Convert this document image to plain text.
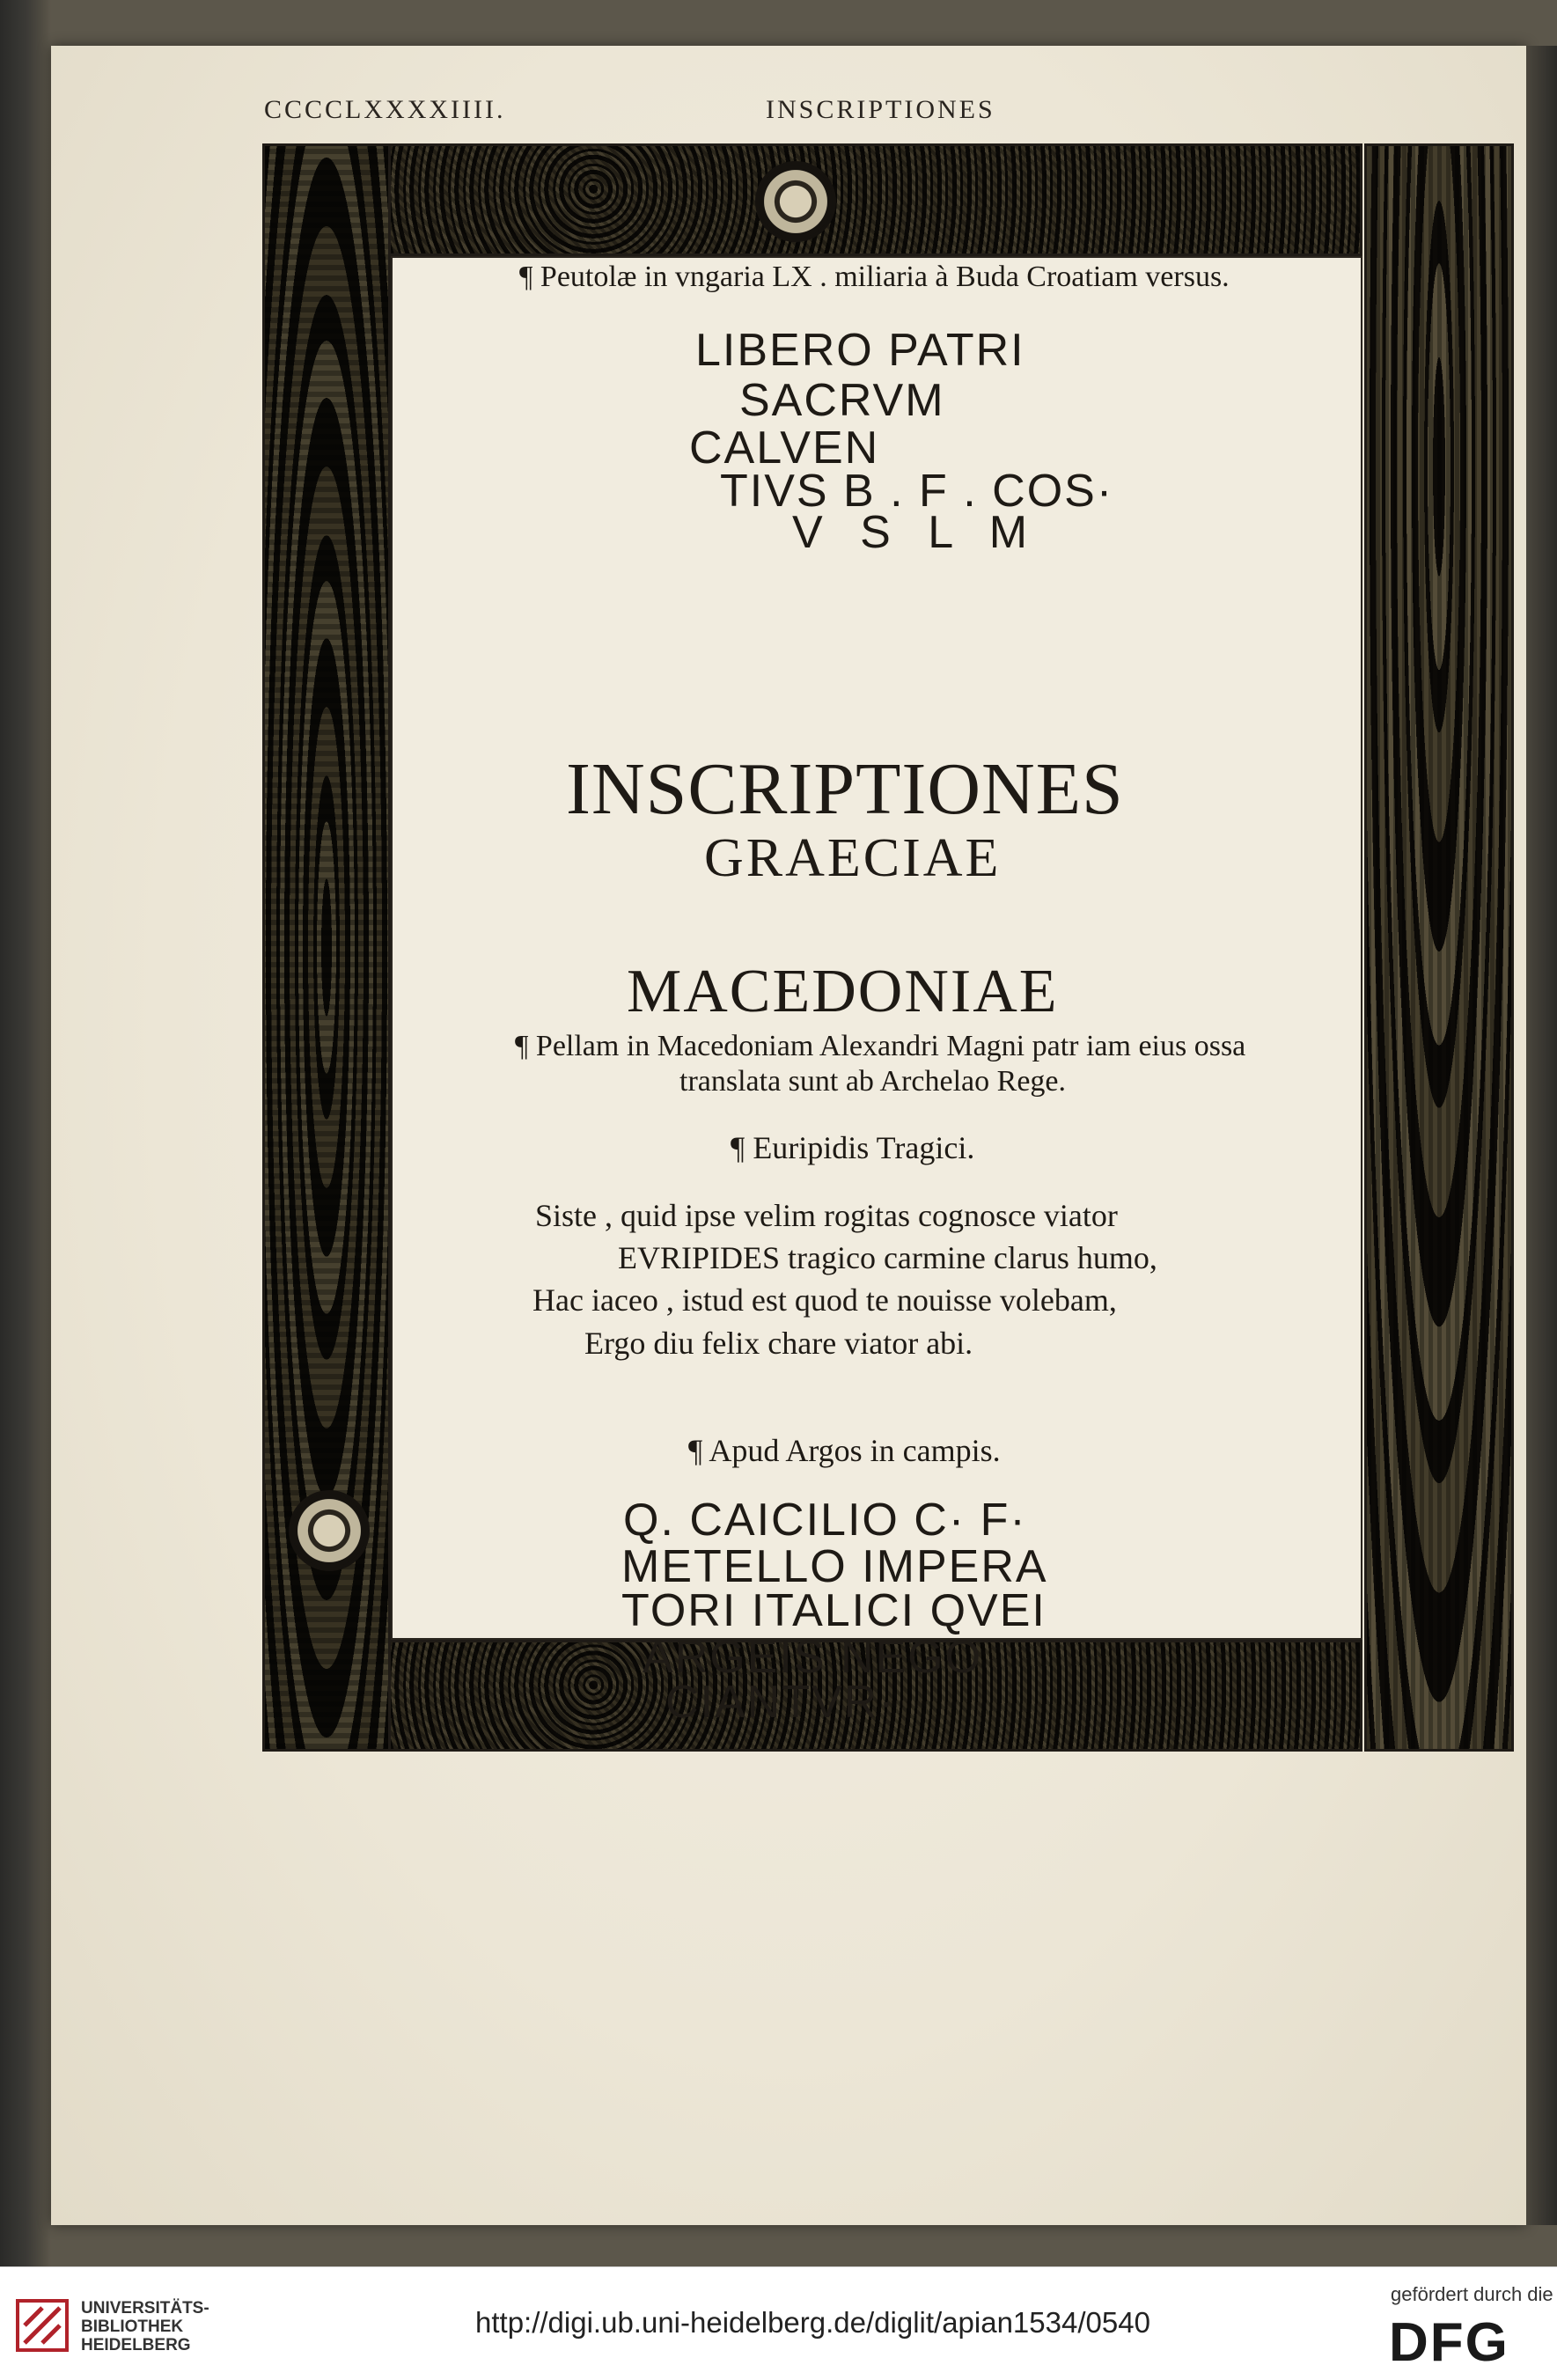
CCCCLXXXXIIII.	INSCRIPTIONES
¶ Peutolæ in vngaria LX . miliaria à Buda Croatiam versus.
LIBERO PATRI
SACRVM
CALVEN
TIVS B . F . COS·
V S L M
INSCRIPTIONES
GRAECIAE
MACEDONIAE
¶ Pellam in Macedoniam Alexandri Magni patr iam eius ossa
translata sunt ab Archelao Rege.
¶ Euripidis Tragici.
Siste , quid ipse velim rogitas cognosce viator
EVRIPIDES tragico carmine clarus humo,
Hac iaceo , istud est quod te nouisse volebam,
Ergo diu felix chare viator abi.
¶ Apud Argos in campis.
Q. CAICILIO C· F·
METELLO IMPERA
TORI ITALICI QVEI
ARGEIS NEGO
CIANTVR·
UNIVERSITÄTS-
BIBLIOTHEK
HEIDELBERG
http://digi.ub.uni-heidelberg.de/diglit/apian1534/0540
gefördert durch die
DFG
